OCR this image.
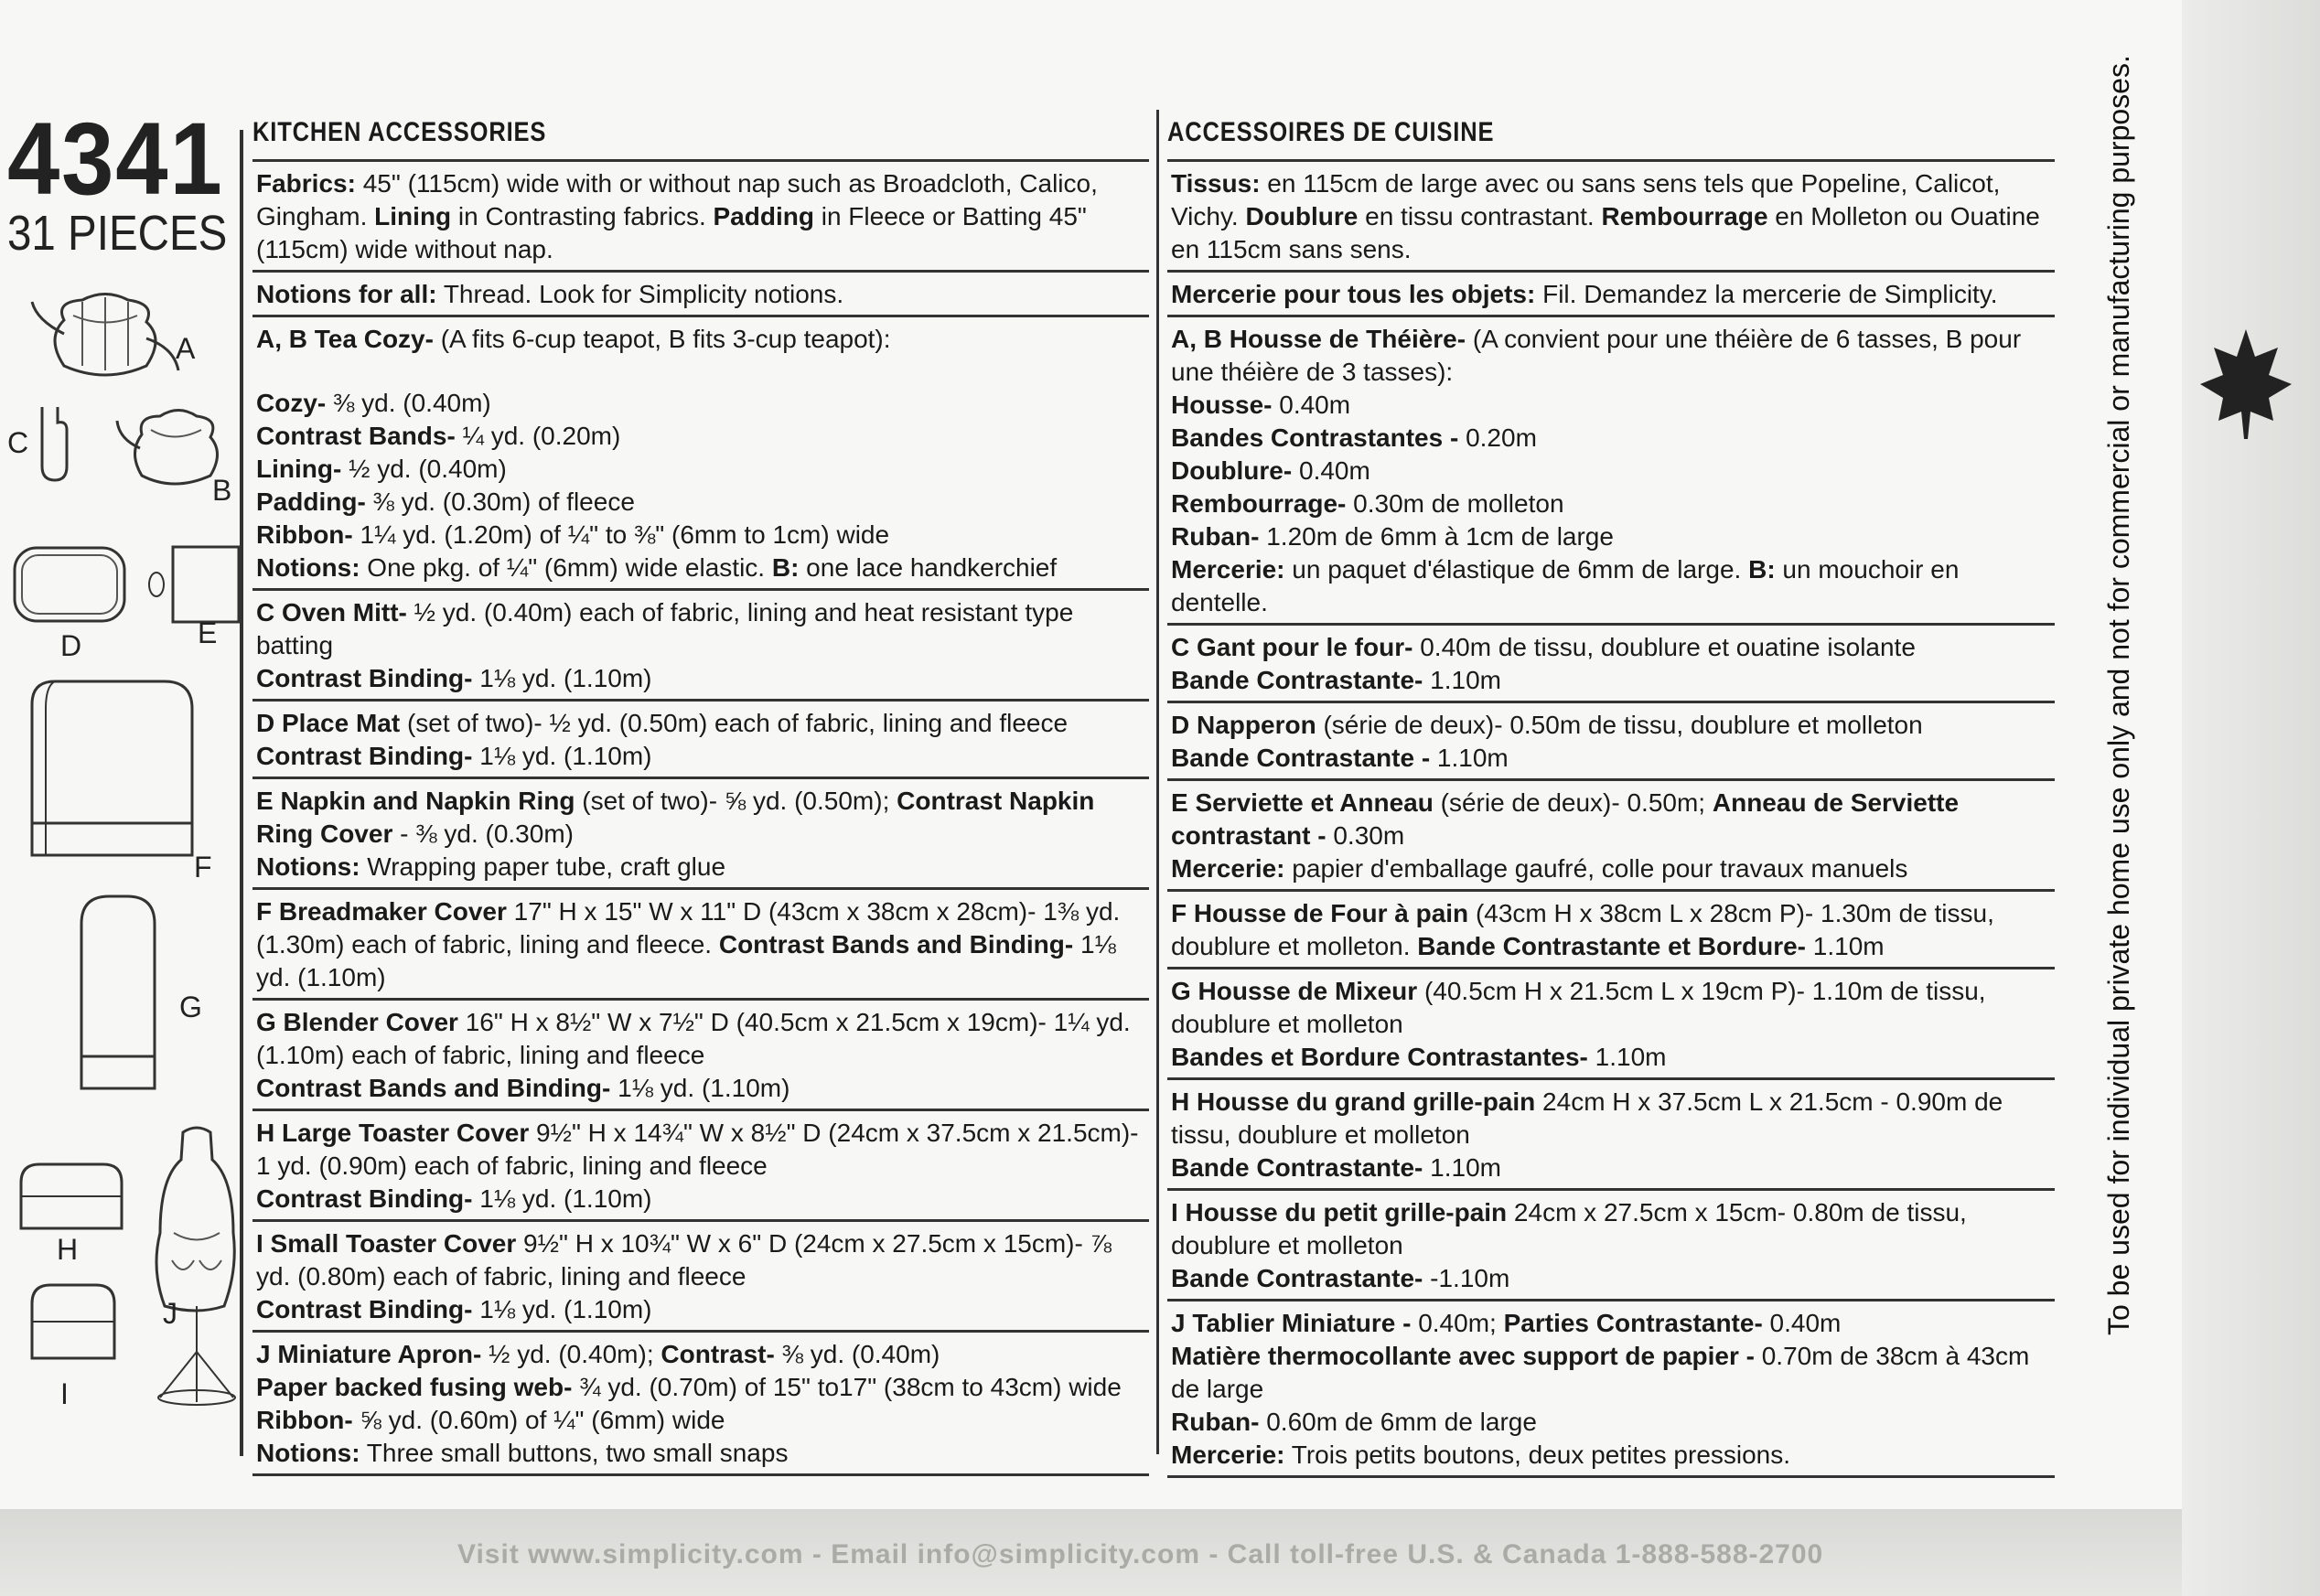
4341
31 PIECES
A
C
B
D	E
F
G
H
I
J
KITCHEN ACCESSORIES

Fabrics: 45" (115cm) wide with or without nap such as Broadcloth, Calico, Gingham. Lining in Contrasting fabrics. Padding in Fleece or Batting 45" (115cm) wide without nap.

Notions for all: Thread. Look for Simplicity notions.

A, B Tea Cozy- (A fits 6-cup teapot, B fits 3-cup teapot):

Cozy- ⅜ yd. (0.40m)

Contrast Bands- ¼ yd. (0.20m)

Lining- ½ yd. (0.40m)

Padding- ⅜ yd. (0.30m) of fleece

Ribbon- 1¼ yd. (1.20m) of ¼" to ⅜" (6mm to 1cm) wide

Notions: One pkg. of ¼" (6mm) wide elastic. B: one lace handkerchief

C Oven Mitt- ½ yd. (0.40m) each of fabric, lining and heat resistant type batting

Contrast Binding- 1⅛ yd. (1.10m)

D Place Mat (set of two)- ½ yd. (0.50m) each of fabric, lining and fleece

Contrast Binding- 1⅛ yd. (1.10m)

E Napkin and Napkin Ring (set of two)- ⅝ yd. (0.50m); Contrast Napkin Ring Cover - ⅜ yd. (0.30m)

Notions: Wrapping paper tube, craft glue

F Breadmaker Cover 17" H x 15" W x 11" D (43cm x 38cm x 28cm)- 1⅜ yd. (1.30m) each of fabric, lining and fleece. Contrast Bands and Binding- 1⅛ yd. (1.10m)

G Blender Cover 16" H x 8½" W x 7½" D (40.5cm x 21.5cm x 19cm)- 1¼ yd. (1.10m) each of fabric, lining and fleece

Contrast Bands and Binding- 1⅛ yd. (1.10m)

H Large Toaster Cover 9½" H x 14¾" W x 8½" D (24cm x 37.5cm x 21.5cm)- 1 yd. (0.90m) each of fabric, lining and fleece

Contrast Binding- 1⅛ yd. (1.10m)

I Small Toaster Cover 9½" H x 10¾" W x 6" D (24cm x 27.5cm x 15cm)- ⅞ yd. (0.80m) each of fabric, lining and fleece

Contrast Binding- 1⅛ yd. (1.10m)

J Miniature Apron- ½ yd. (0.40m); Contrast- ⅜ yd. (0.40m)

Paper backed fusing web- ¾ yd. (0.70m) of 15" to17" (38cm to 43cm) wide

Ribbon- ⅝ yd. (0.60m) of ¼" (6mm) wide

Notions: Three small buttons, two small snaps

ACCESSOIRES DE CUISINE

Tissus: en 115cm de large avec ou sans sens tels que Popeline, Calicot, Vichy. Doublure en tissu contrastant. Rembourrage en Molleton ou Ouatine en 115cm sans sens.

Mercerie pour tous les objets: Fil. Demandez la mercerie de Simplicity.

A, B Housse de Théière- (A convient pour une théière de 6 tasses, B pour une théière de 3 tasses):

Housse- 0.40m

Bandes Contrastantes - 0.20m

Doublure- 0.40m

Rembourrage- 0.30m de molleton

Ruban- 1.20m de 6mm à 1cm de large

Mercerie: un paquet d'élastique de 6mm de large. B: un mouchoir en dentelle.

C Gant pour le four- 0.40m de tissu, doublure et ouatine isolante

Bande Contrastante- 1.10m

D Napperon (série de deux)- 0.50m de tissu, doublure et molleton

Bande Contrastante - 1.10m

E Serviette et Anneau (série de deux)- 0.50m; Anneau de Serviette contrastant - 0.30m

Mercerie: papier d'emballage gaufré, colle pour travaux manuels

F Housse de Four à pain (43cm H x 38cm L x 28cm P)- 1.30m de tissu, doublure et molleton. Bande Contrastante et Bordure- 1.10m

G Housse de Mixeur (40.5cm H x 21.5cm L x 19cm P)- 1.10m de tissu, doublure et molleton

Bandes et Bordure Contrastantes- 1.10m

H Housse du grand grille-pain 24cm H x 37.5cm L x 21.5cm - 0.90m de tissu, doublure et molleton

Bande Contrastante- 1.10m

I Housse du petit grille-pain 24cm x 27.5cm x 15cm- 0.80m de tissu, doublure et molleton

Bande Contrastante- -1.10m

J Tablier Miniature - 0.40m; Parties Contrastante- 0.40m

Matière thermocollante avec support de papier - 0.70m de 38cm à 43cm de large

Ruban- 0.60m de 6mm de large

Mercerie: Trois petits boutons, deux petites pressions.

To be used for individual private home use only and not for commercial or manufacturing purposes.
Visit www.simplicity.com - Email info@simplicity.com - Call toll-free U.S. & Canada 1-888-588-2700
